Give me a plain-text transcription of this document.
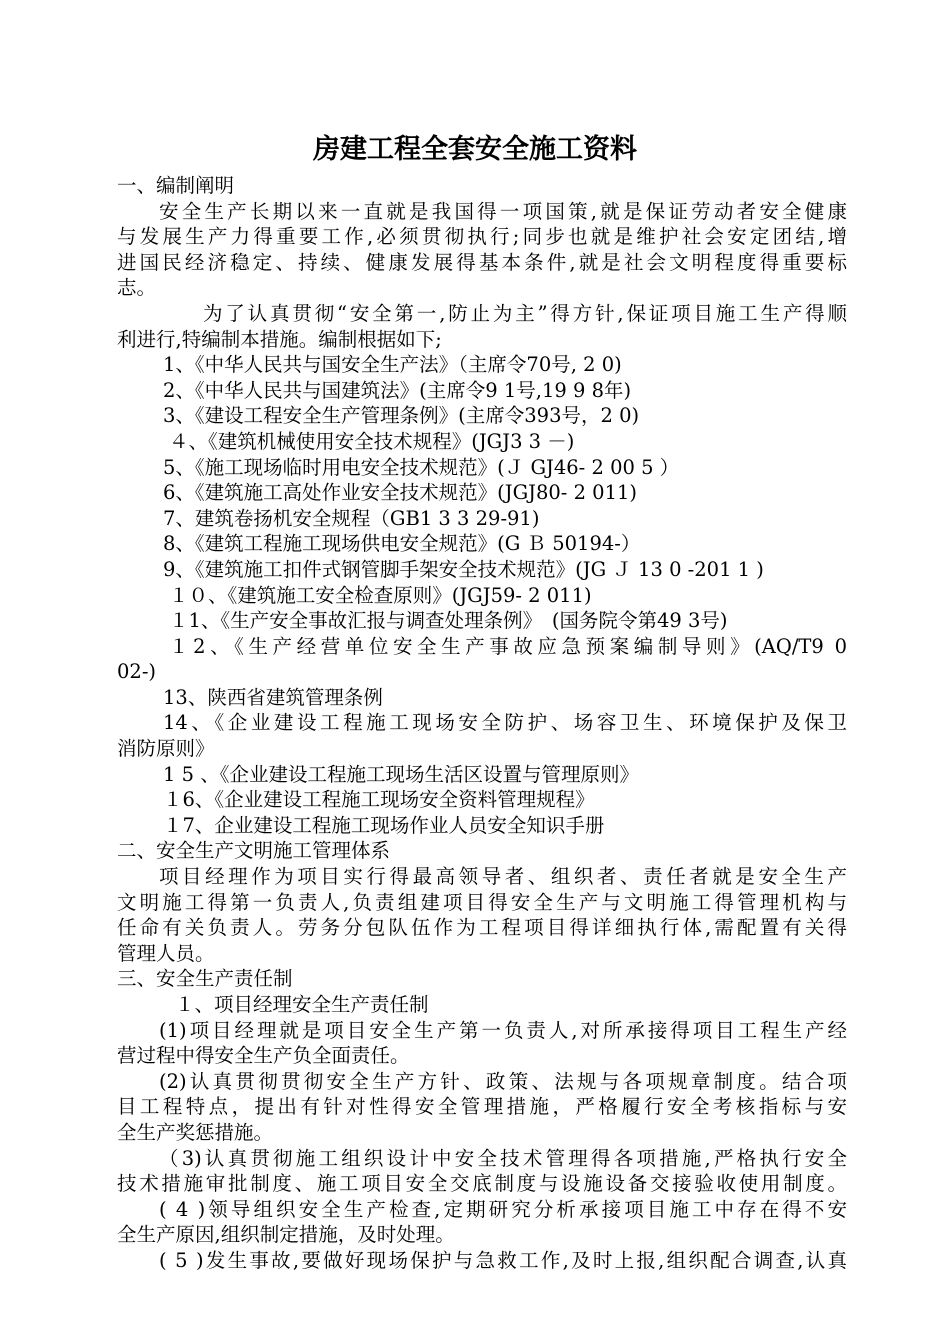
房建工程全套安全施工资料

一、编制阐明

安全生产长期以来一直就是我国得一项国策,就是保证劳动者安全健康

与发展生产力得重要工作,必须贯彻执行;同步也就是维护社会安定团结,增

进国民经济稳定、持续、健康发展得基本条件,就是社会文明程度得重要标

志。

为了认真贯彻“安全第一,防止为主”得方针,保证项目施工生产得顺

利进行,特编制本措施。编制根据如下;

1、《中华人民共与国安全生产法》（主席令70号, 2 0)

2、《中华人民共与国建筑法》(主席令9 1号,19 9 8年)

3、《建设工程安全生产管理条例》(主席令393号，2 0)

４、《建筑机械使用安全技术规程》(JGJ3 3 －)

5、《施工现场临时用电安全技术规范》(Ｊ GJ46- 2 00 5 ）

6、《建筑施工高处作业安全技术规范》(JGJ80- 2 011)

7、建筑卷扬机安全规程（GB1 3 3 29-91)

8、《建筑工程施工现场供电安全规范》(G Ｂ 50194-）

9、《建筑施工扣件式钢管脚手架安全技术规范》(JG Ｊ 13 0 -201 1 )

１０、《建筑施工安全检查原则》(JGJ59- 2 011)

１1、《生产安全事故汇报与调查处理条例》　(国务院令第49 3号)

１2、《生产经营单位安全生产事故应急预案编制导则》(AQ/T9 0

02-)

13、陕西省建筑管理条例

14、《企业建设工程施工现场安全防护、场容卫生、环境保护及保卫

消防原则》

1 5 、《企业建设工程施工现场生活区设置与管理原则》

１6、《企业建设工程施工现场安全资料管理规程》

１7、企业建设工程施工现场作业人员安全知识手册

二、安全生产文明施工管理体系

项目经理作为项目实行得最高领导者、组织者、责任者就是安全生产

文明施工得第一负责人,负责组建项目得安全生产与文明施工得管理机构与

任命有关负责人。劳务分包队伍作为工程项目得详细执行体,需配置有关得

管理人员。

三、安全生产责任制

１、项目经理安全生产责任制

(1)项目经理就是项目安全生产第一负责人,对所承接得项目工程生产经

营过程中得安全生产负全面责任。

(2)认真贯彻贯彻安全生产方针、政策、法规与各项规章制度。结合项

目工程特点，提出有针对性得安全管理措施，严格履行安全考核指标与安

全生产奖惩措施。

（3)认真贯彻施工组织设计中安全技术管理得各项措施,严格执行安全

技术措施审批制度、施工项目安全交底制度与设施设备交接验收使用制度。

( 4 )领导组织安全生产检查,定期研究分析承接项目施工中存在得不安

全生产原因,组织制定措施，及时处理。

( 5 )发生事故,要做好现场保护与急救工作,及时上报,组织配合调查,认真
